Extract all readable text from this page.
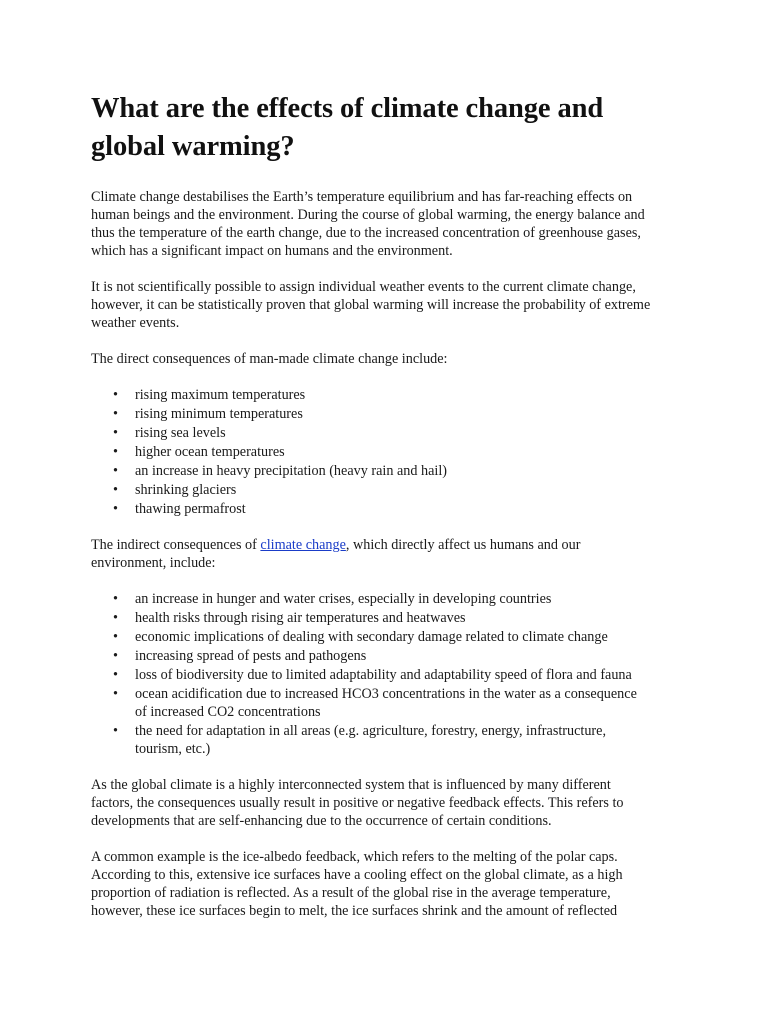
What are the effects of climate change and global warming?

Climate change destabilises the Earth’s temperature equilibrium and has far-reaching effects on human beings and the environment. During the course of global warming, the energy balance and thus the temperature of the earth change, due to the increased concentration of greenhouse gases, which has a significant impact on humans and the environment.

It is not scientifically possible to assign individual weather events to the current climate change, however, it can be statistically proven that global warming will increase the probability of extreme weather events.

The direct consequences of man-made climate change include:

• rising maximum temperatures
• rising minimum temperatures
• rising sea levels
• higher ocean temperatures
• an increase in heavy precipitation (heavy rain and hail)
• shrinking glaciers
• thawing permafrost

The indirect consequences of climate change, which directly affect us humans and our environment, include:

• an increase in hunger and water crises, especially in developing countries
• health risks through rising air temperatures and heatwaves
• economic implications of dealing with secondary damage related to climate change
• increasing spread of pests and pathogens
• loss of biodiversity due to limited adaptability and adaptability speed of flora and fauna
• ocean acidification due to increased HCO3 concentrations in the water as a consequence of increased CO2 concentrations
• the need for adaptation in all areas (e.g. agriculture, forestry, energy, infrastructure, tourism, etc.)

As the global climate is a highly interconnected system that is influenced by many different factors, the consequences usually result in positive or negative feedback effects. This refers to developments that are self-enhancing due to the occurrence of certain conditions.

A common example is the ice-albedo feedback, which refers to the melting of the polar caps. According to this, extensive ice surfaces have a cooling effect on the global climate, as a high proportion of radiation is reflected. As a result of the global rise in the average temperature, however, these ice surfaces begin to melt, the ice surfaces shrink and the amount of reflected
